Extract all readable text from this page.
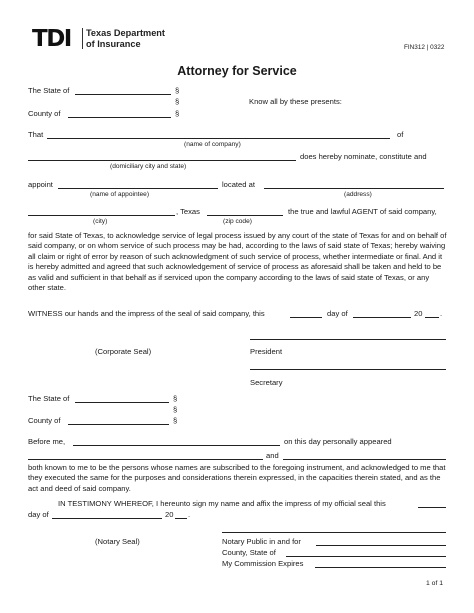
TDI Texas Department
of Insurance	FIN312 | 0322
Attorney for Service
The State of	§
§	Know all by these presents:
County of	§
That	of
(name of company)
does hereby nominate, constitute and
(domiciliary city and state)
appoint	located at
(name of appointee)	(address)
, Texas	the true and lawful AGENT of said company,
(city)	(zip code)
for said State of Texas, to acknowledge service of legal process issued by any court of the state of Texas for and on behalf of said company, or on whom service of such process may be had, according to the laws of said state of Texas; hereby waiving all claim or right of error by reason of such acknowledgment of such service of process, whether intermediate or final. And it is hereby admitted and agreed that such acknowledgement of service of process as aforesaid shall be taken and held to be as valid and sufficient in that behalf as if serviced upon the company according to the laws of said state of Texas, or any other state.
WITNESS our hands and the impress of the seal of said company, this	day of	20 .
(Corporate Seal)	President
Secretary
The State of	§
§
County of	§
Before me,	on this day personally appeared
and
both known to me to be the persons whose names are subscribed to the foregoing instrument, and acknowledged to me that they executed the same for the purposes and considerations therein expressed, in the capacities therein stated, and as the act and deed of said company.
IN TESTIMONY WHEREOF, I hereunto sign my name and affix the impress of my official seal this
day of	20 .
(Notary Seal)	Notary Public in and for
County, State of
My Commission Expires
1 of 1
